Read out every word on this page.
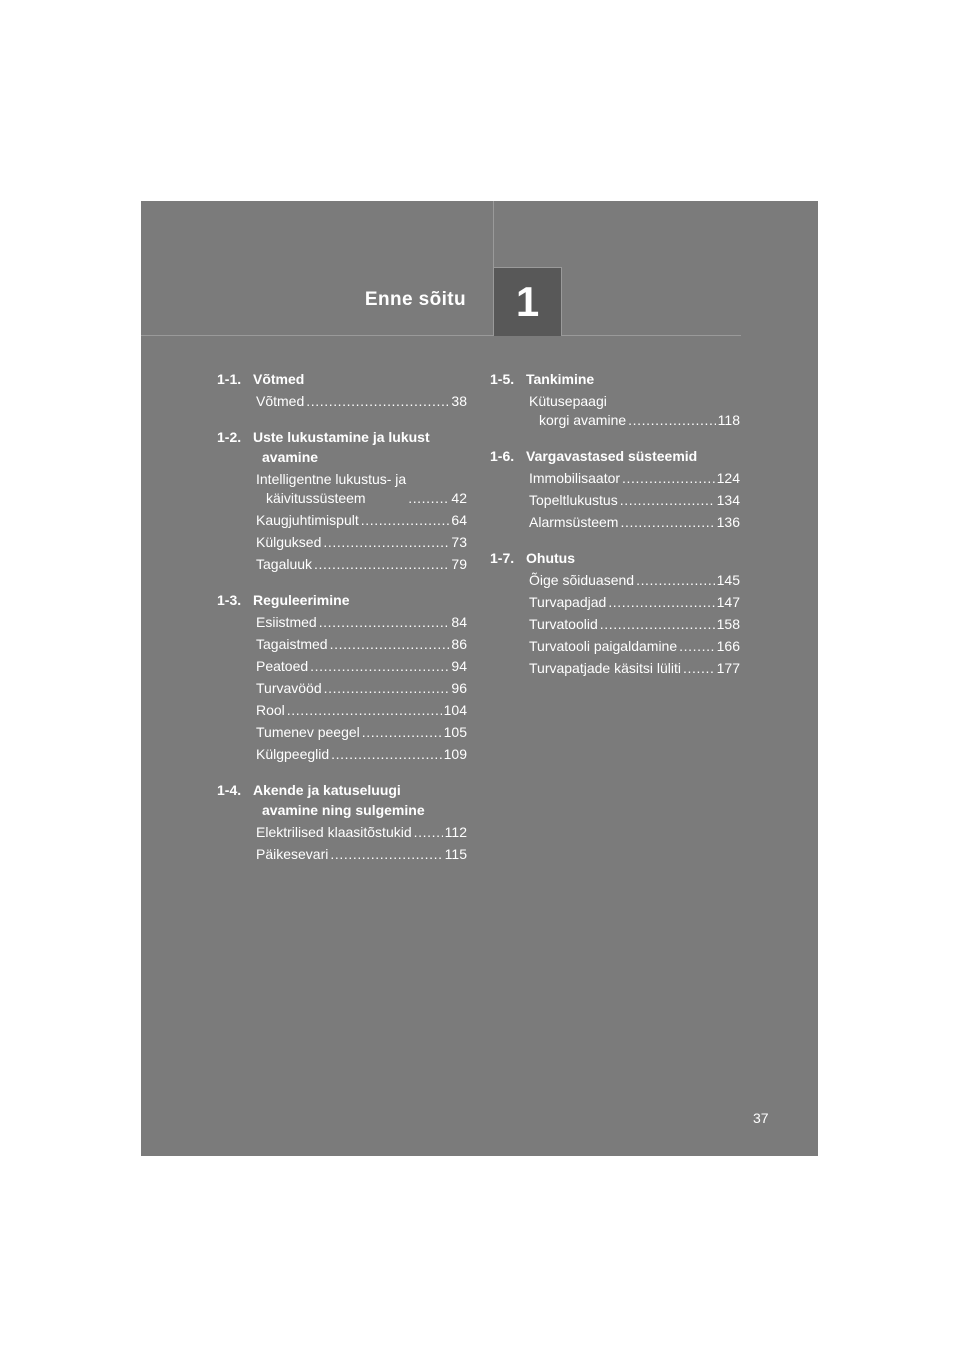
Enne sõitu	1
1-1. Võtmed
Võtmed .....	38
1-2. Uste lukustamine ja lukust
avamine
Intelligentne lukustus- ja
käivitussüsteem .....	42
Kaugjuhtimispult .....	64
Külguksed .....	73
Tagaluuk .....	79
1-3. Reguleerimine
Esiistmed .....	84
Tagaistmed .....	86
Peatoed .....	94
Turvavööd .....	96
Rool .....	104
Tumenev peegel .....	105
Külgpeeglid .....	109
1-4. Akende ja katuseluugi
avamine ning sulgemine
Elektrilised klaasitõstukid ..... 112
Päikesevari .....	115
1-5. Tankimine
Kütusepaagi
korgi avamine .....	118
1-6. Vargavastased süsteemid
Immobilisaator .....	124
Topeltlukustus .....	134
Alarmsüsteem .....	136
1-7. Ohutus
Õige sõiduasend .....	145
Turvapadjad .....	147
Turvatoolid .....	158
Turvatooli paigaldamine .....	166
Turvapatjade käsitsi lüliti .....	177
37
